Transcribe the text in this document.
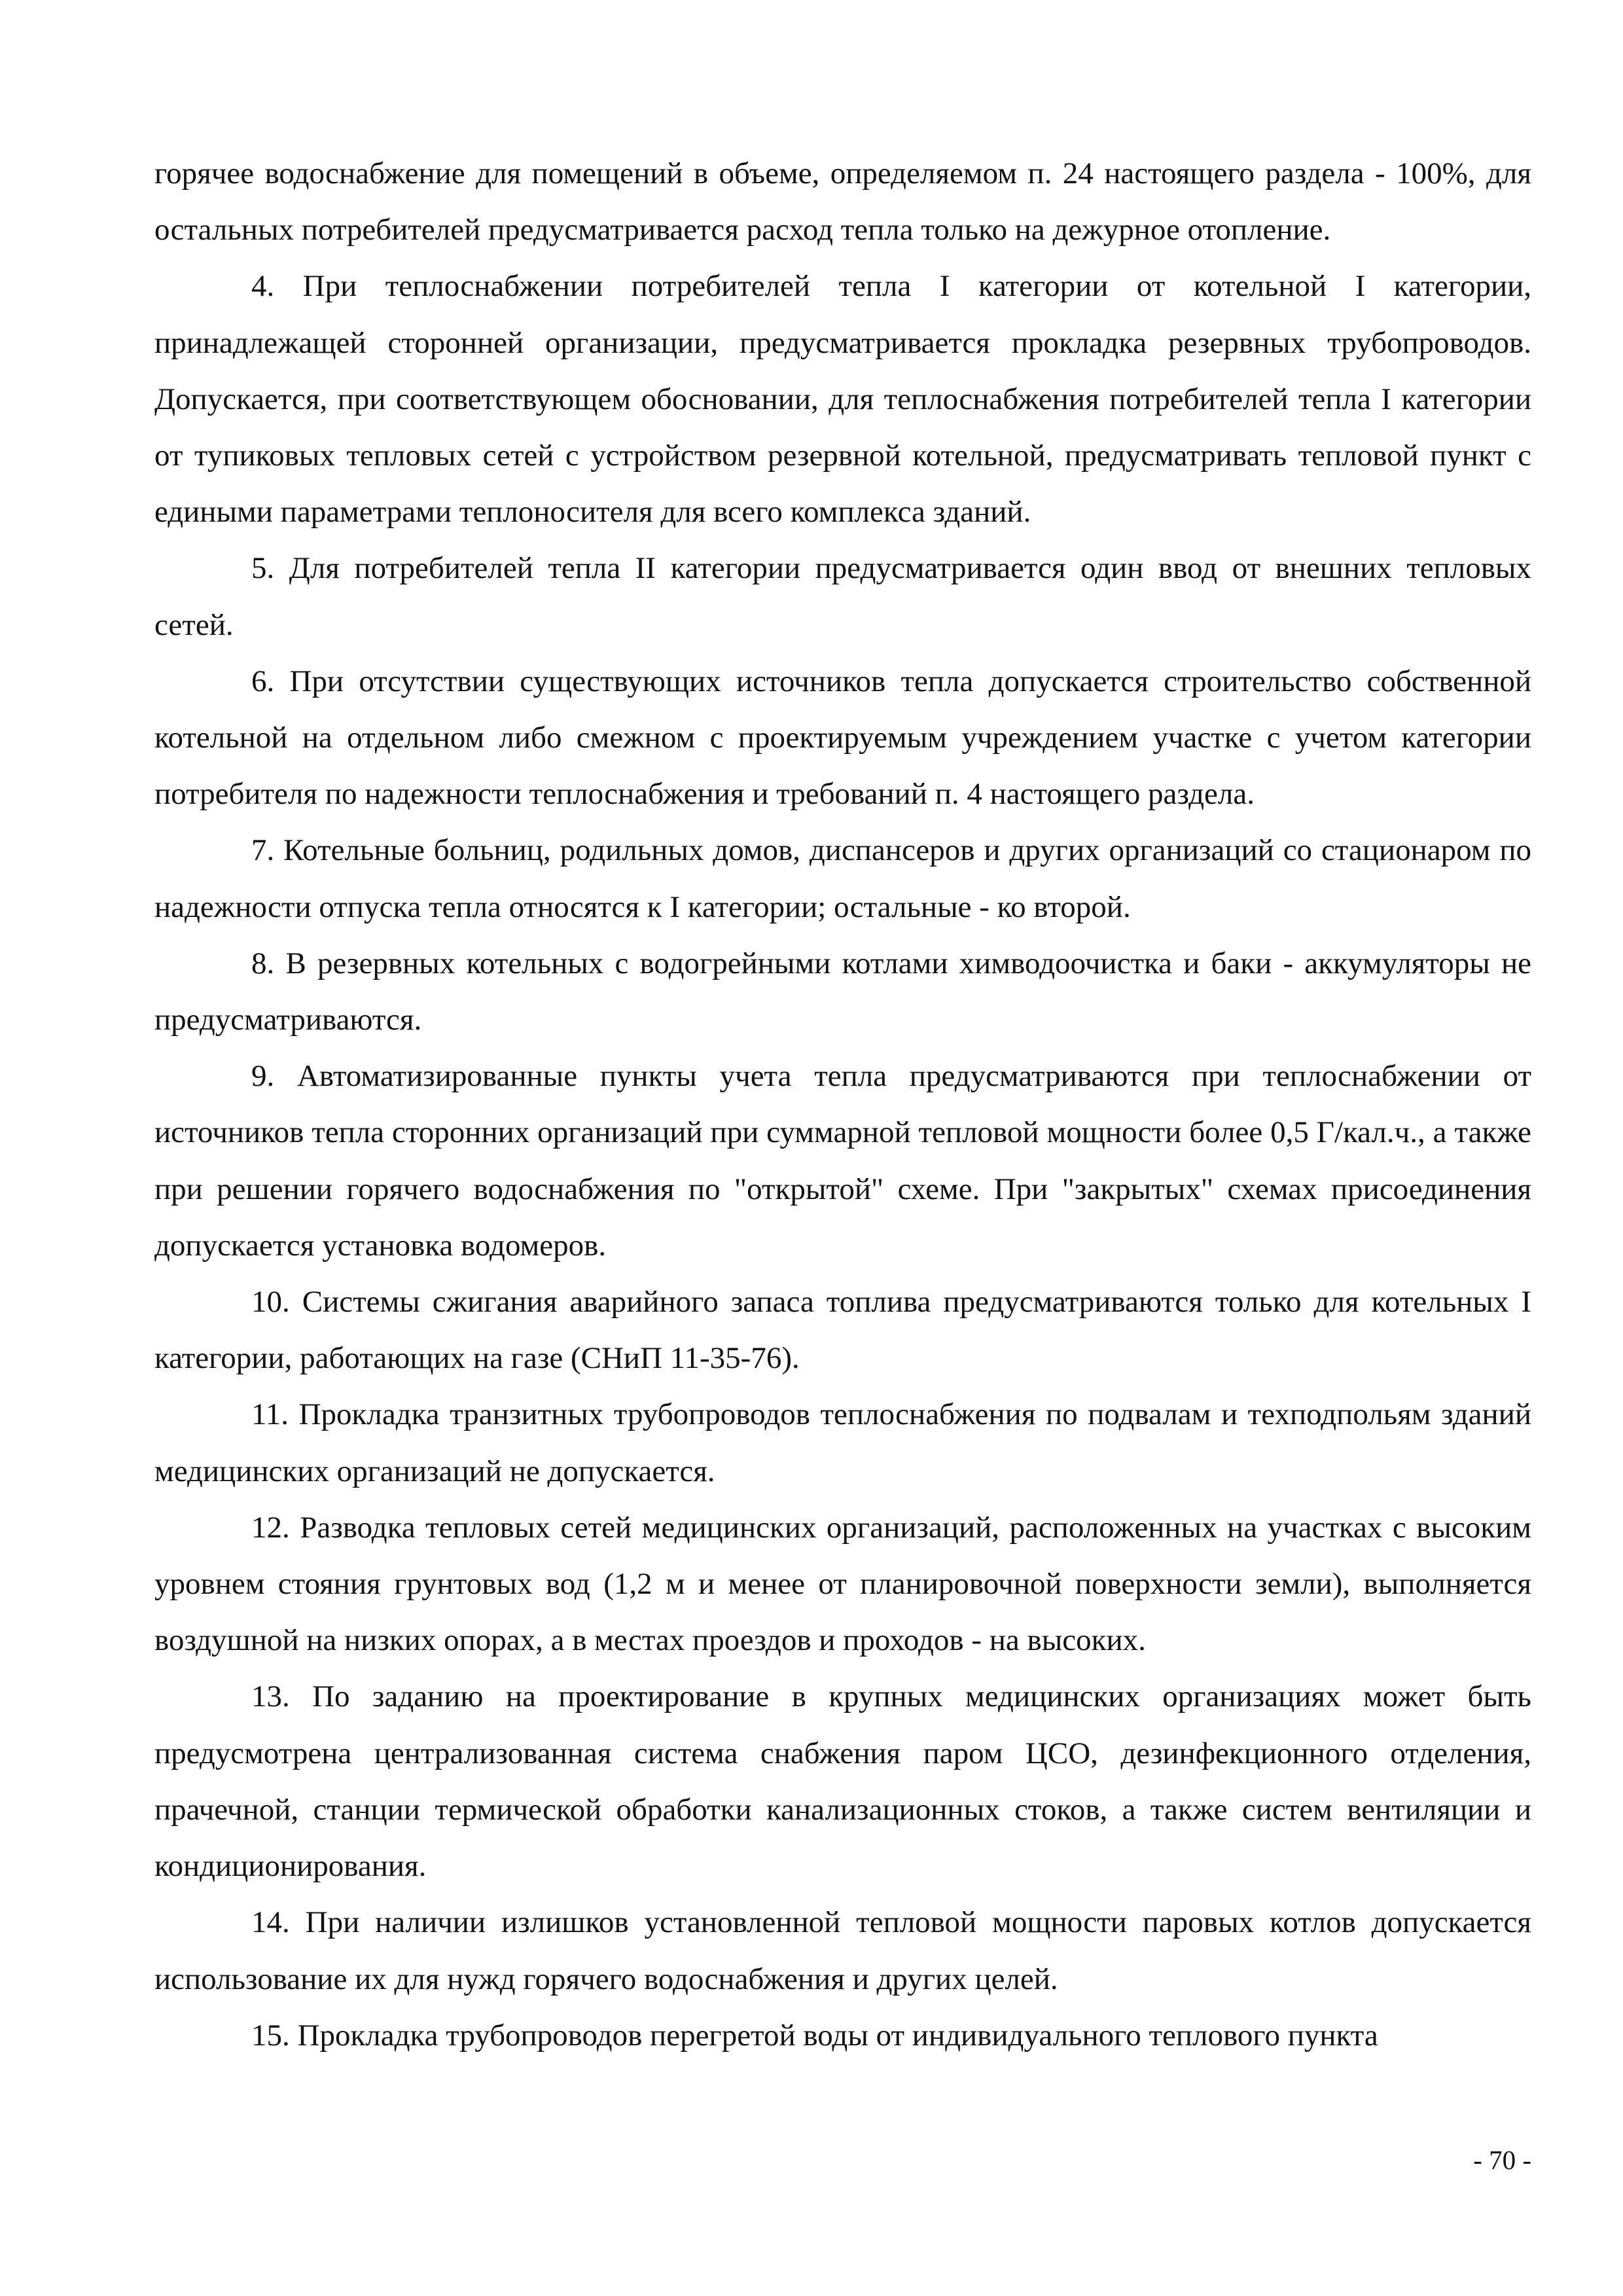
горячее водоснабжение для помещений в объеме, определяемом п. 24 настоящего раздела - 100%, для остальных потребителей предусматривается расход тепла только на дежурное отопление.

4. При теплоснабжении потребителей тепла I категории от котельной I категории, принадлежащей сторонней организации, предусматривается прокладка резервных трубопроводов. Допускается, при соответствующем обосновании, для теплоснабжения потребителей тепла I категории от тупиковых тепловых сетей с устройством резервной котельной, предусматривать тепловой пункт с едиными параметрами теплоносителя для всего комплекса зданий.

5. Для потребителей тепла II категории предусматривается один ввод от внешних тепловых сетей.

6. При отсутствии существующих источников тепла допускается строительство собственной котельной на отдельном либо смежном с проектируемым учреждением участке с учетом категории потребителя по надежности теплоснабжения и требований п. 4 настоящего раздела.

7. Котельные больниц, родильных домов, диспансеров и других организаций со стационаром по надежности отпуска тепла относятся к I категории; остальные - ко второй.

8. В резервных котельных с водогрейными котлами химводоочистка и баки - аккумуляторы не предусматриваются.

9. Автоматизированные пункты учета тепла предусматриваются при теплоснабжении от источников тепла сторонних организаций при суммарной тепловой мощности более 0,5 Г/кал.ч., а также при решении горячего водоснабжения по "открытой" схеме. При "закрытых" схемах присоединения допускается установка водомеров.

10. Системы сжигания аварийного запаса топлива предусматриваются только для котельных I категории, работающих на газе (СНиП 11-35-76).

11. Прокладка транзитных трубопроводов теплоснабжения по подвалам и техподпольям зданий медицинских организаций не допускается.

12. Разводка тепловых сетей медицинских организаций, расположенных на участках с высоким уровнем стояния грунтовых вод (1,2 м и менее от планировочной поверхности земли), выполняется воздушной на низких опорах, а в местах проездов и проходов - на высоких.

13. По заданию на проектирование в крупных медицинских организациях может быть предусмотрена централизованная система снабжения паром ЦСО, дезинфекционного отделения, прачечной, станции термической обработки канализационных стоков, а также систем вентиляции и кондиционирования.

14. При наличии излишков установленной тепловой мощности паровых котлов допускается использование их для нужд горячего водоснабжения и других целей.

15. Прокладка трубопроводов перегретой воды от индивидуального теплового пункта

- 70 -
